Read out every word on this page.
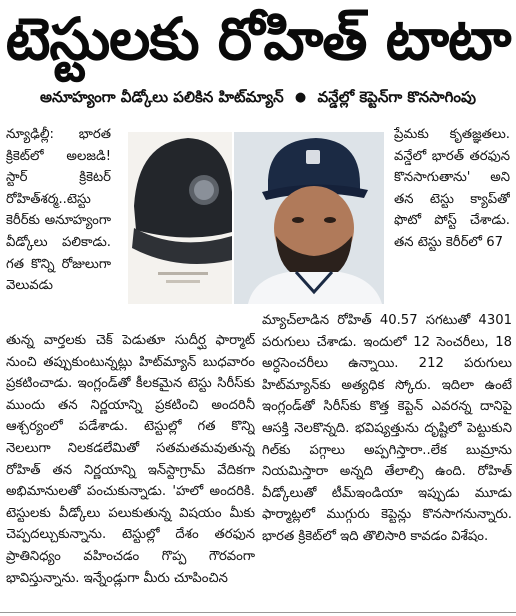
టెస్టులకు రోహిత్ టాటా
అనూహ్యంగా వీడ్కోలు పలికిన హిట్‌మ్యాన్ ● వన్డేల్లో కెప్టెన్‌గా కొనసాగింపు

న్యూఢిల్లీ: భారత క్రికెట్‌లో అలజడి! స్టార్ క్రికెటర్ రోహిత్‌శర్మ..టెస్టు కెరీర్‌కు అనూహ్యంగా వీడ్కోలు పలికాడు. గత కొన్ని రోజులుగా వెలువడు

ప్రేమకు కృతజ్ఞతలు. వన్డేలో భారత్ తరఫున కొనసాగుతాను' అని తన టెస్టు క్యాప్‌తో ఫొటో పోస్ట్ చేశాడు. తన టెస్టు కెరీర్‌లో 67

తున్న వార్తలకు చెక్ పెడుతూ సుదీర్ఘ ఫార్మాట్ నుంచి తప్పుకుంటున్నట్లు హిట్‌మ్యాన్ బుధవారం ప్రకటించాడు. ఇంగ్లండ్‌తో కీలకమైన టెస్టు సిరీస్‌కు ముందు తన నిర్ణయాన్ని ప్రకటించి అందరినీ ఆశ్చర్యంలో పడేశాడు. టెస్టుల్లో గత కొన్ని నెలలుగా నిలకడలేమితో సతమతమవుతున్న రోహిత్ తన నిర్ణయాన్ని ఇన్‌స్టాగ్రామ్ వేదికగా అభిమానులతో పంచుకున్నాడు. 'హలో అందరికి. టెస్టులకు వీడ్కోలు పలుకుతున్న విషయం మీకు చెప్పదల్చుకున్నాను. టెస్టుల్లో దేశం తరఫున ప్రాతినిధ్యం వహించడం గొప్ప గౌరవంగా భావిస్తున్నాను. ఇన్నేండ్లుగా మీరు చూపించిన

మ్యాచ్‌లాడిన రోహిత్ 40.57 సగటుతో 4301 పరుగులు చేశాడు. ఇందులో 12 సెంచరీలు, 18 అర్ధసెంచరీలు ఉన్నాయి. 212 పరుగులు హిట్‌మ్యాన్‌కు అత్యధిక స్కోరు. ఇదిలా ఉంటే ఇంగ్లండ్‌తో సిరీస్‌కు కొత్త కెప్టెన్ ఎవరన్న దానిపై ఆసక్తి నెలకొన్నది. భవిష్యత్తును దృష్టిలో పెట్టుకుని గిల్‌కు పగ్గాలు అప్పగిస్తారా..లేక బుమ్రాను నియమిస్తారా అన్నది తేలాల్సి ఉంది. రోహిత్ వీడ్కోలుతో టీమ్‌ఇండియా ఇప్పుడు మూడు ఫార్మాట్లలో ముగ్గురు కెప్టెన్లు కొనసాగనున్నారు. భారత క్రికెట్‌లో ఇది తొలిసారి కావడం విశేషం.
